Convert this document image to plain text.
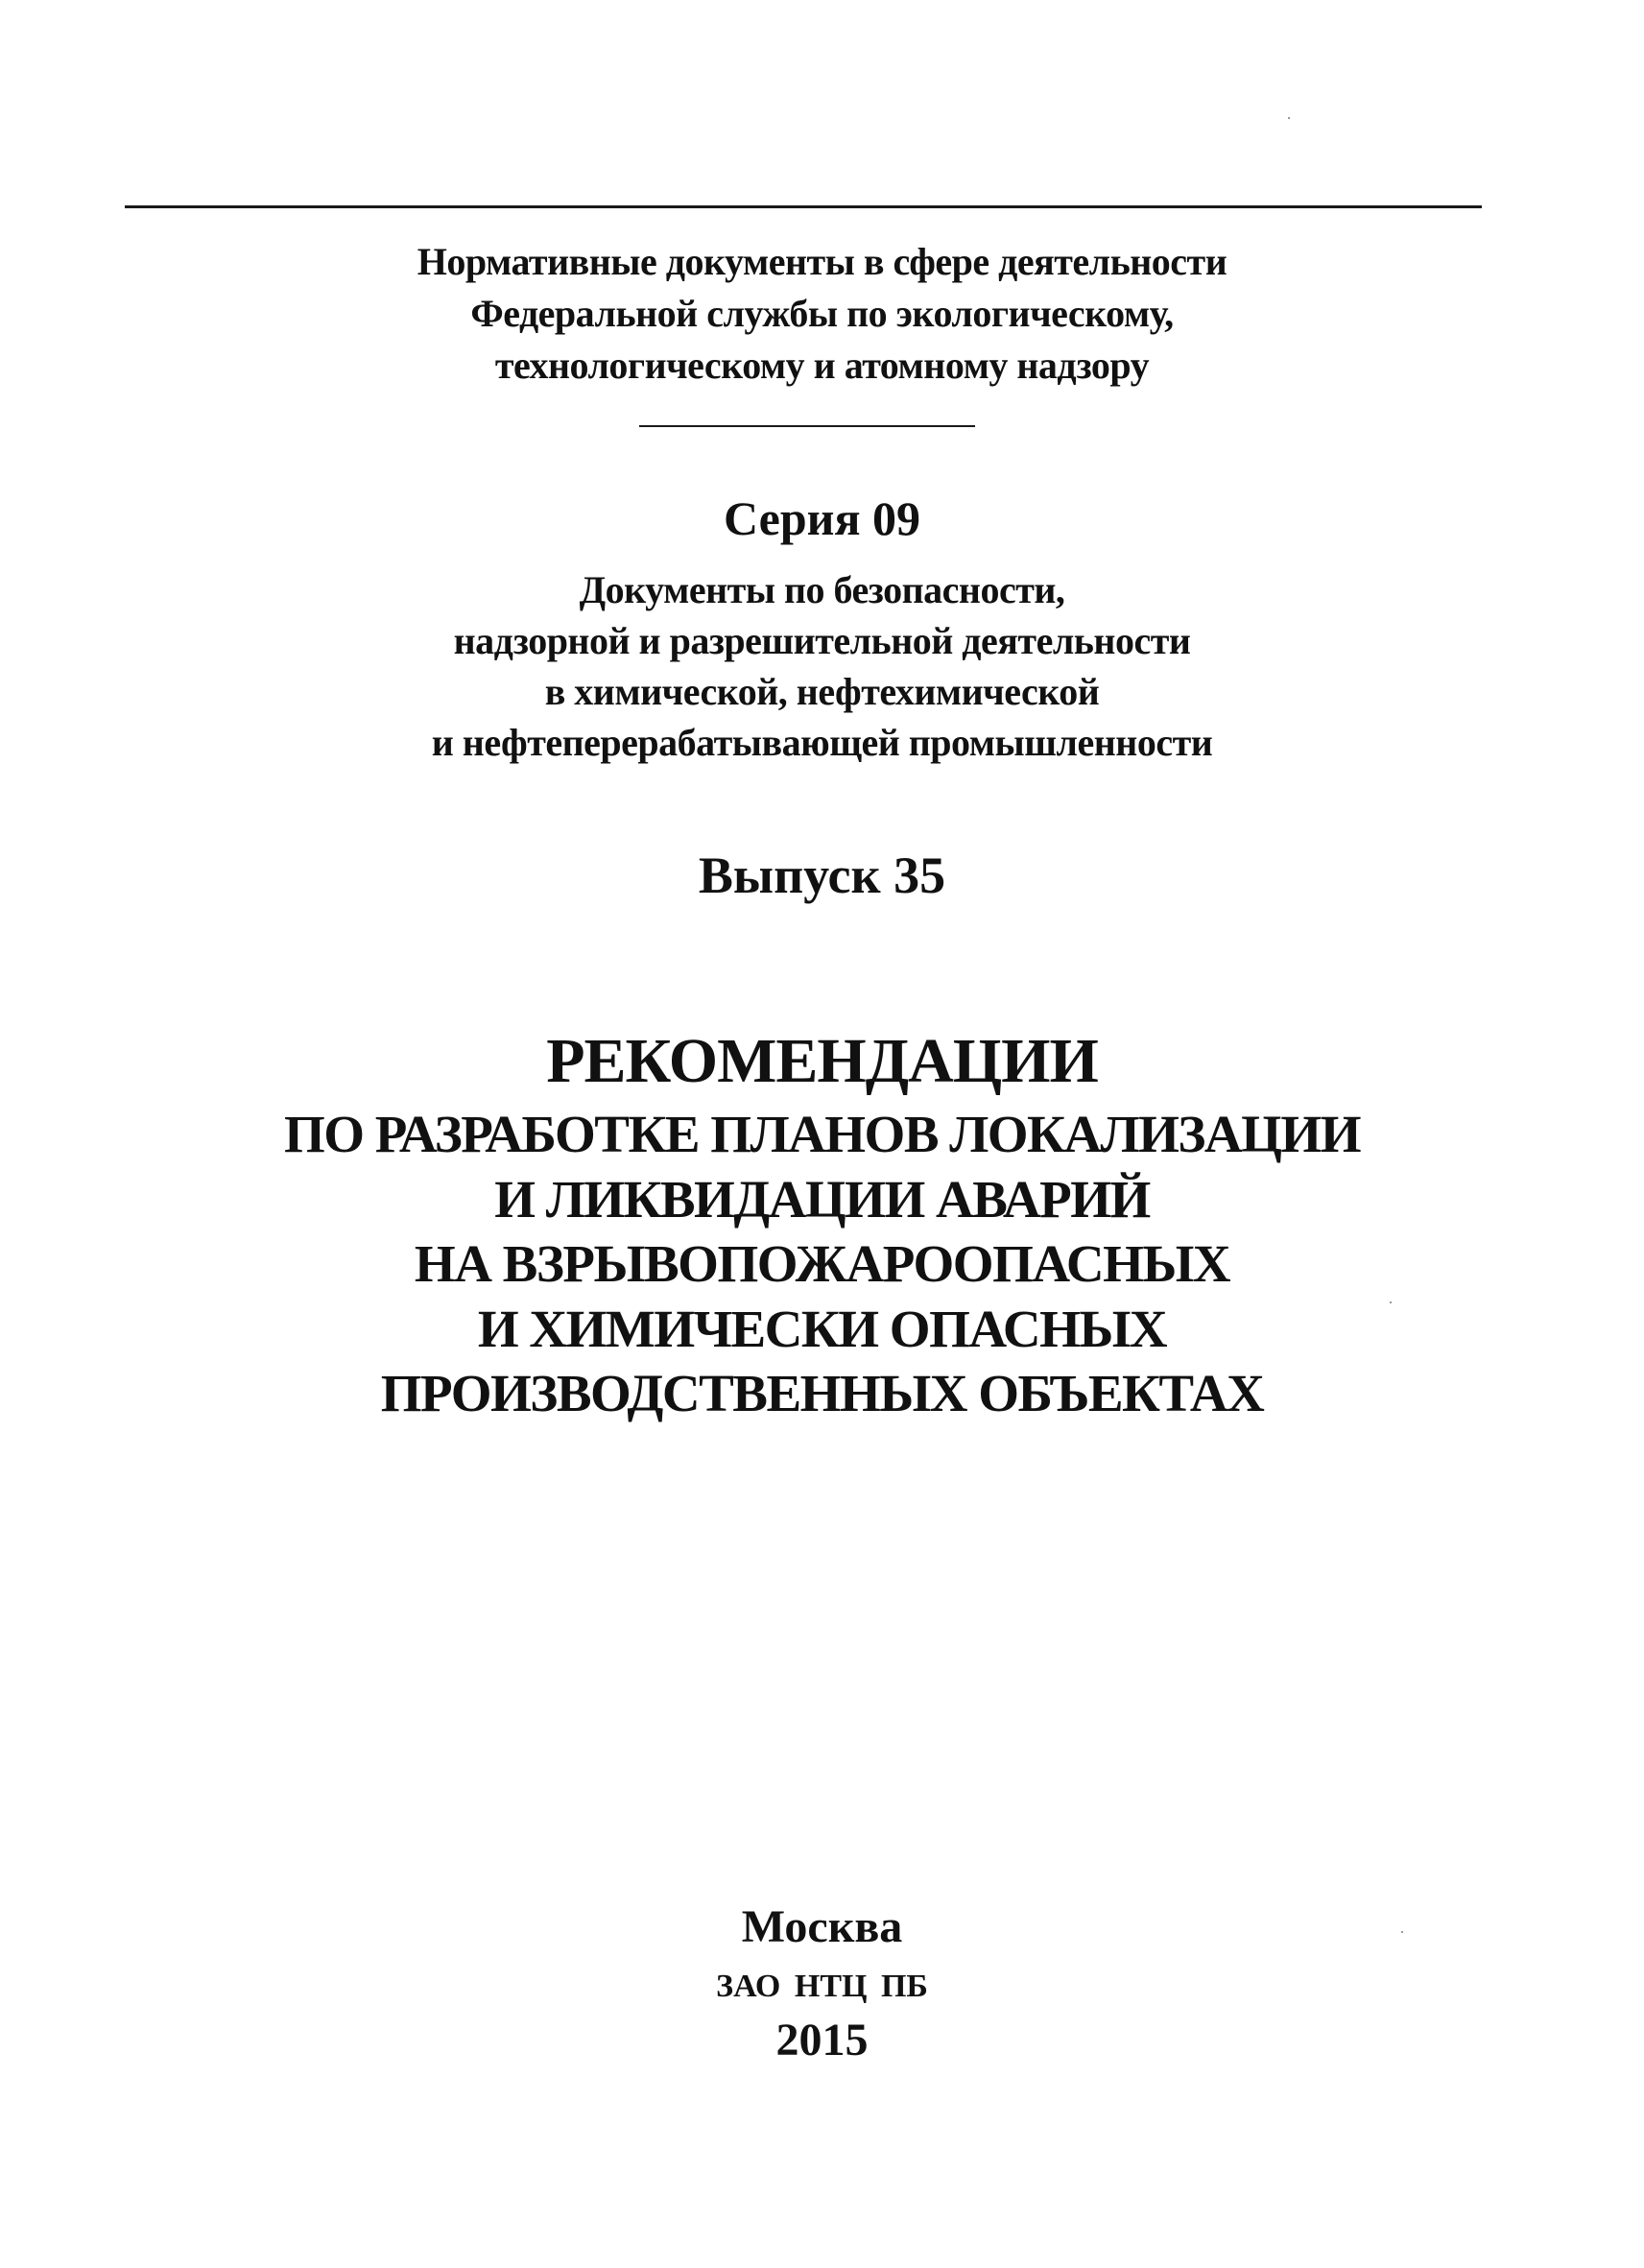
Нормативные документы в сфере деятельности
Федеральной службы по экологическому,
технологическому и атомному надзору
Серия 09
Документы по безопасности,
надзорной и разрешительной деятельности
в химической, нефтехимической
и нефтеперерабатывающей промышленности
Выпуск 35
РЕКОМЕНДАЦИИ
ПО РАЗРАБОТКЕ ПЛАНОВ ЛОКАЛИЗАЦИИ
И ЛИКВИДАЦИИ АВАРИЙ
НА ВЗРЫВОПОЖАРООПАСНЫХ
И ХИМИЧЕСКИ ОПАСНЫХ
ПРОИЗВОДСТВЕННЫХ ОБЪЕКТАХ
Москва
ЗАО НТЦ ПБ
2015
